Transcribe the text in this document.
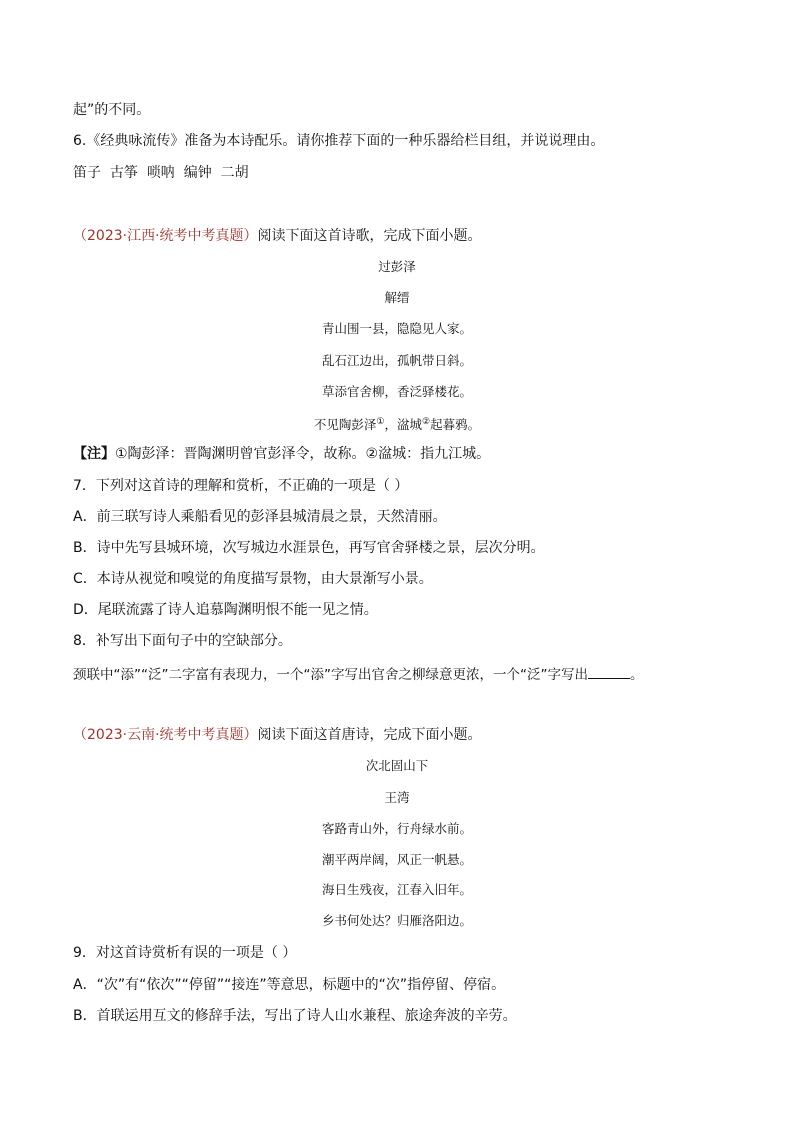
起”的不同。
6.《经典咏流传》准备为本诗配乐。请你推荐下面的一种乐器给栏目组，并说说理由。
笛子  古筝  唢呐  编钟  二胡
（2023·江西·统考中考真题）阅读下面这首诗歌，完成下面小题。
过彭泽
解缙
青山围一县，隐隐见人家。
乱石江边出，孤帆带日斜。
草添官舍柳，香泛驿楼花。
不见陶彭泽①，湓城②起暮鸦。
【注】①陶彭泽：晋陶渊明曾官彭泽令，故称。②湓城：指九江城。
7．下列对这首诗的理解和赏析，不正确的一项是（ ）
A．前三联写诗人乘船看见的彭泽县城清晨之景，天然清丽。
B．诗中先写县城环境，次写城边水涯景色，再写官舍驿楼之景，层次分明。
C．本诗从视觉和嗅觉的角度描写景物，由大景渐写小景。
D．尾联流露了诗人追慕陶渊明恨不能一见之情。
8．补写出下面句子中的空缺部分。
颈联中“添”“泛”二字富有表现力，一个“添”字写出官舍之柳绿意更浓，一个“泛”字写出	。
（2023·云南·统考中考真题）阅读下面这首唐诗，完成下面小题。
次北固山下
王湾
客路青山外，行舟绿水前。
潮平两岸阔，风正一帆悬。
海日生残夜，江春入旧年。
乡书何处达？归雁洛阳边。
9．对这首诗赏析有误的一项是（ ）
A．“次”有“依次”“停留”“接连”等意思，标题中的“次”指停留、停宿。
B．首联运用互文的修辞手法，写出了诗人山水兼程、旅途奔波的辛劳。
